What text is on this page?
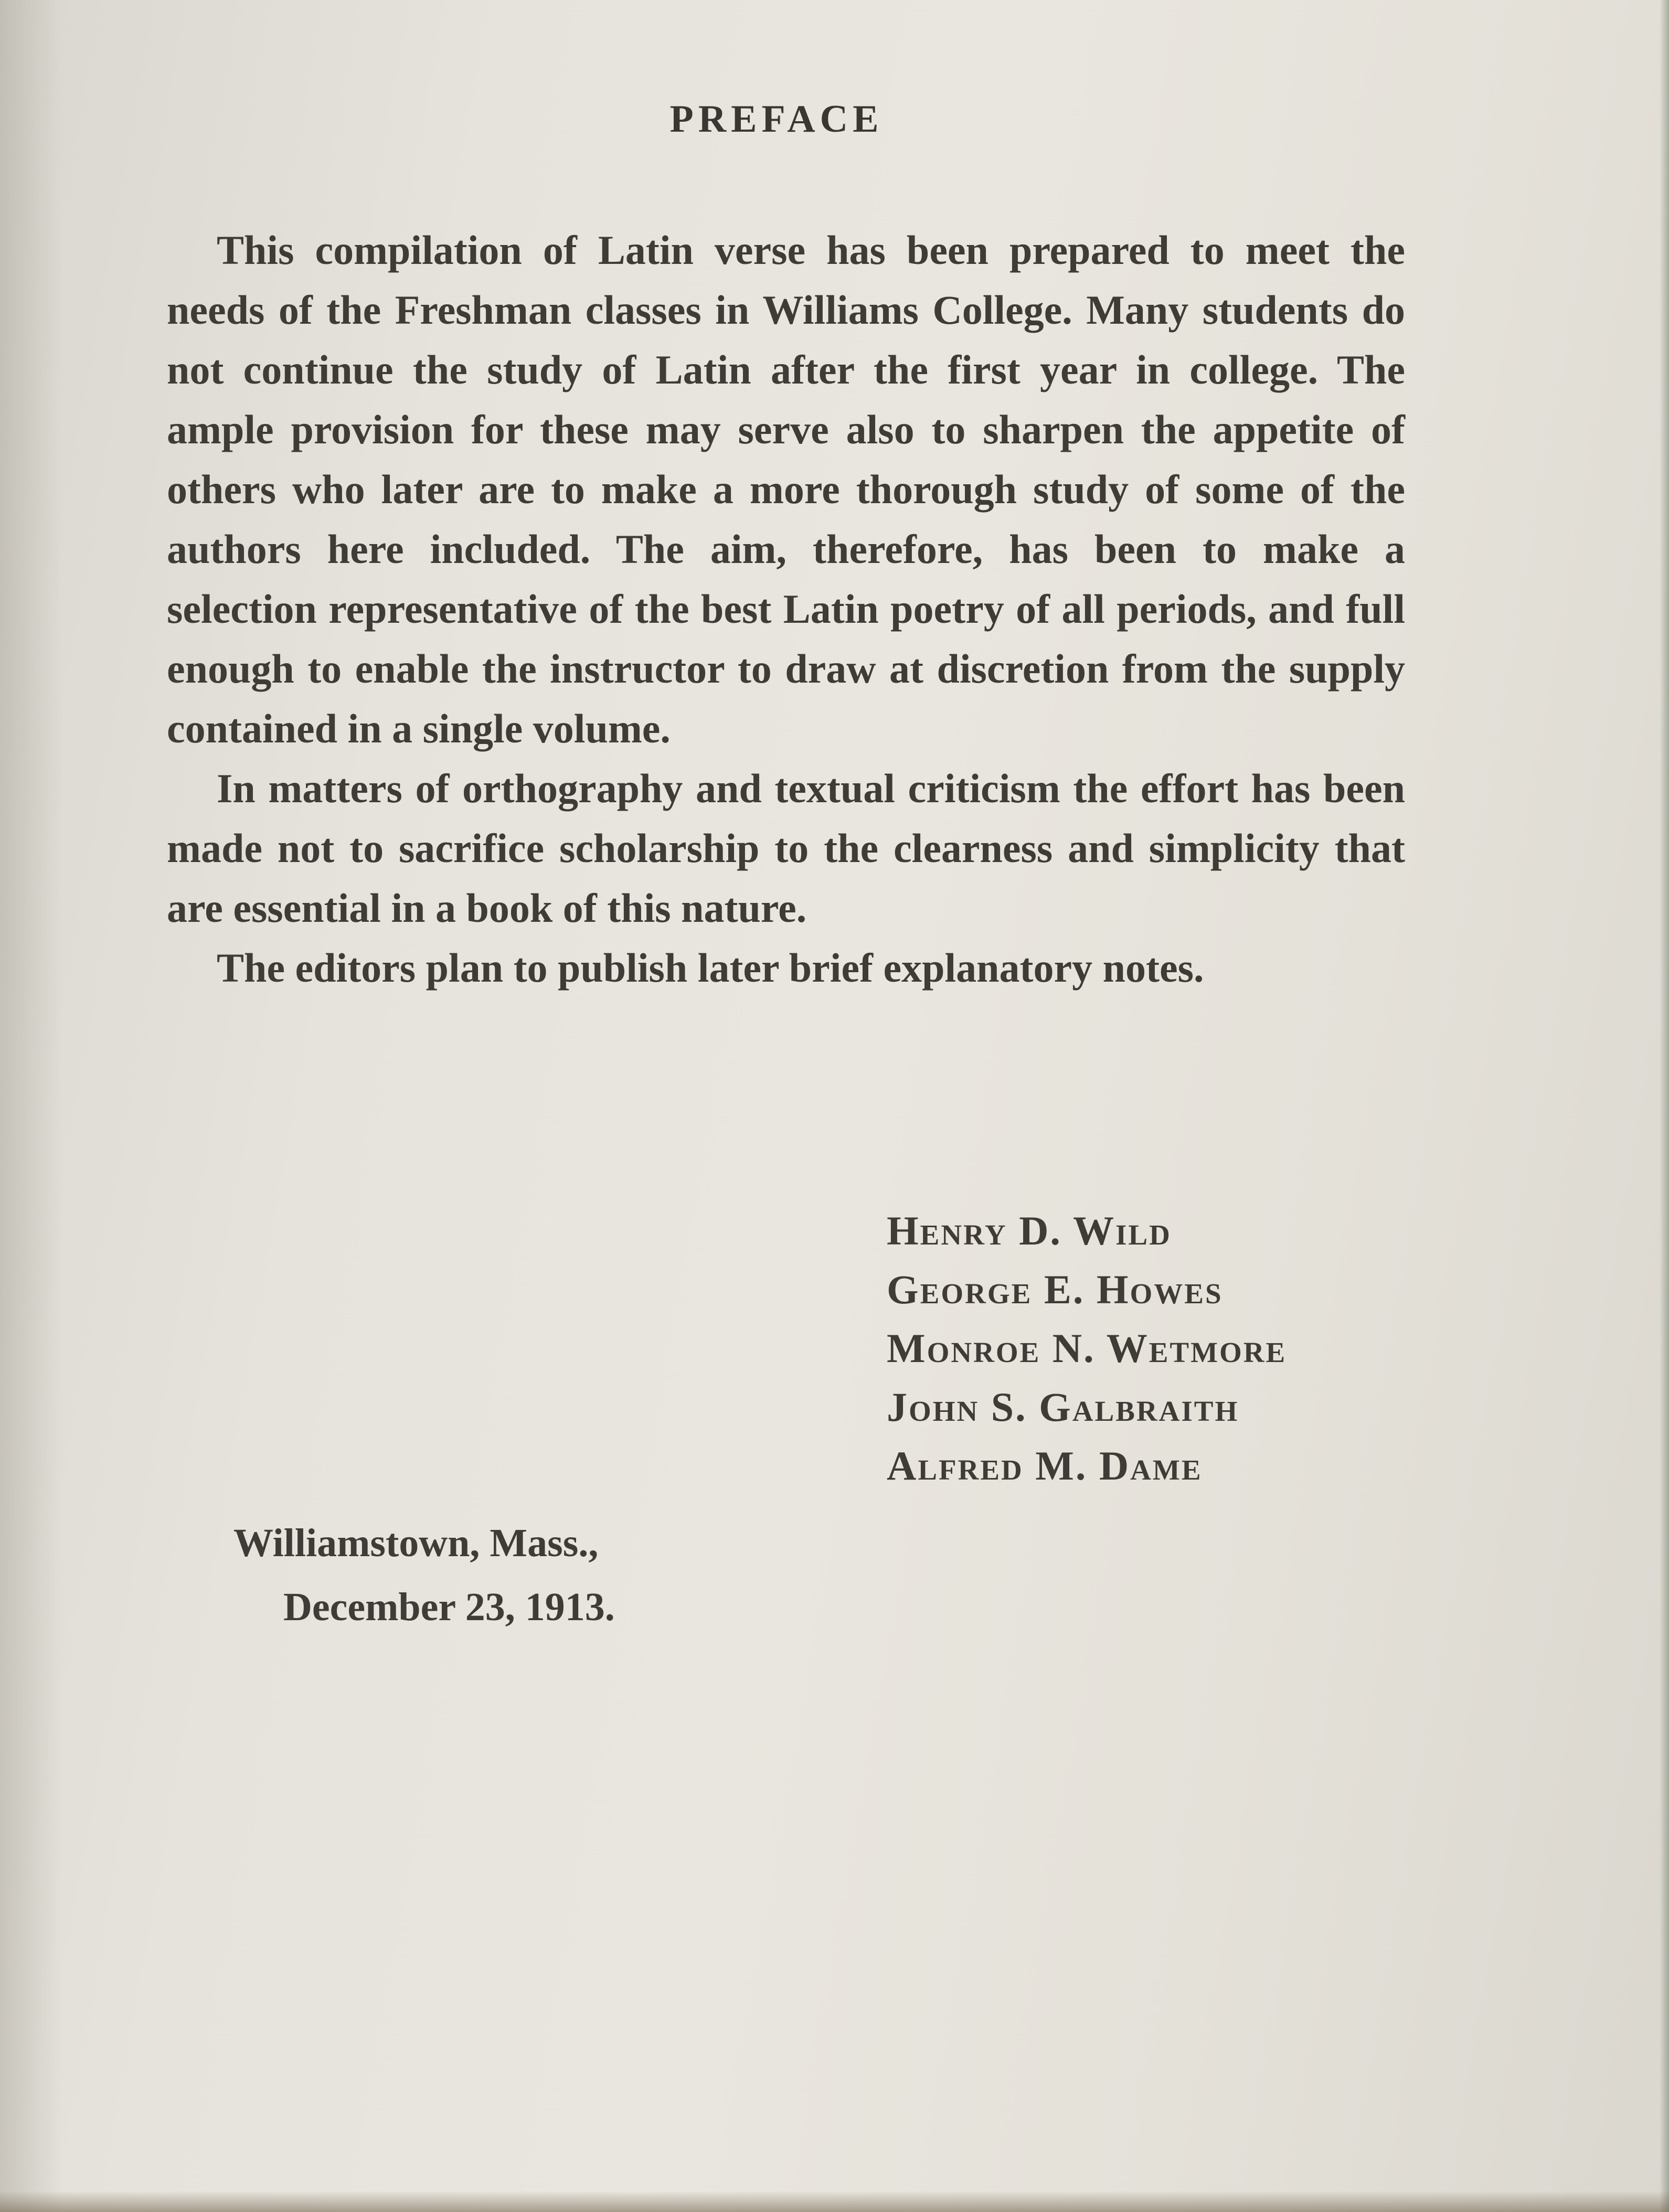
PREFACE

This compilation of Latin verse has been prepared to meet the needs of the Freshman classes in Williams College. Many students do not continue the study of Latin after the first year in college. The ample provision for these may serve also to sharpen the appetite of others who later are to make a more thorough study of some of the authors here included. The aim, therefore, has been to make a selection representative of the best Latin poetry of all periods, and full enough to enable the instructor to draw at discretion from the supply contained in a single volume.

In matters of orthography and textual criticism the effort has been made not to sacrifice scholarship to the clearness and simplicity that are essential in a book of this nature.

The editors plan to publish later brief explanatory notes.

Henry D. Wild
George E. Howes
Monroe N. Wetmore
John S. Galbraith
Alfred M. Dame
Williamstown, Mass.,
December 23, 1913.
